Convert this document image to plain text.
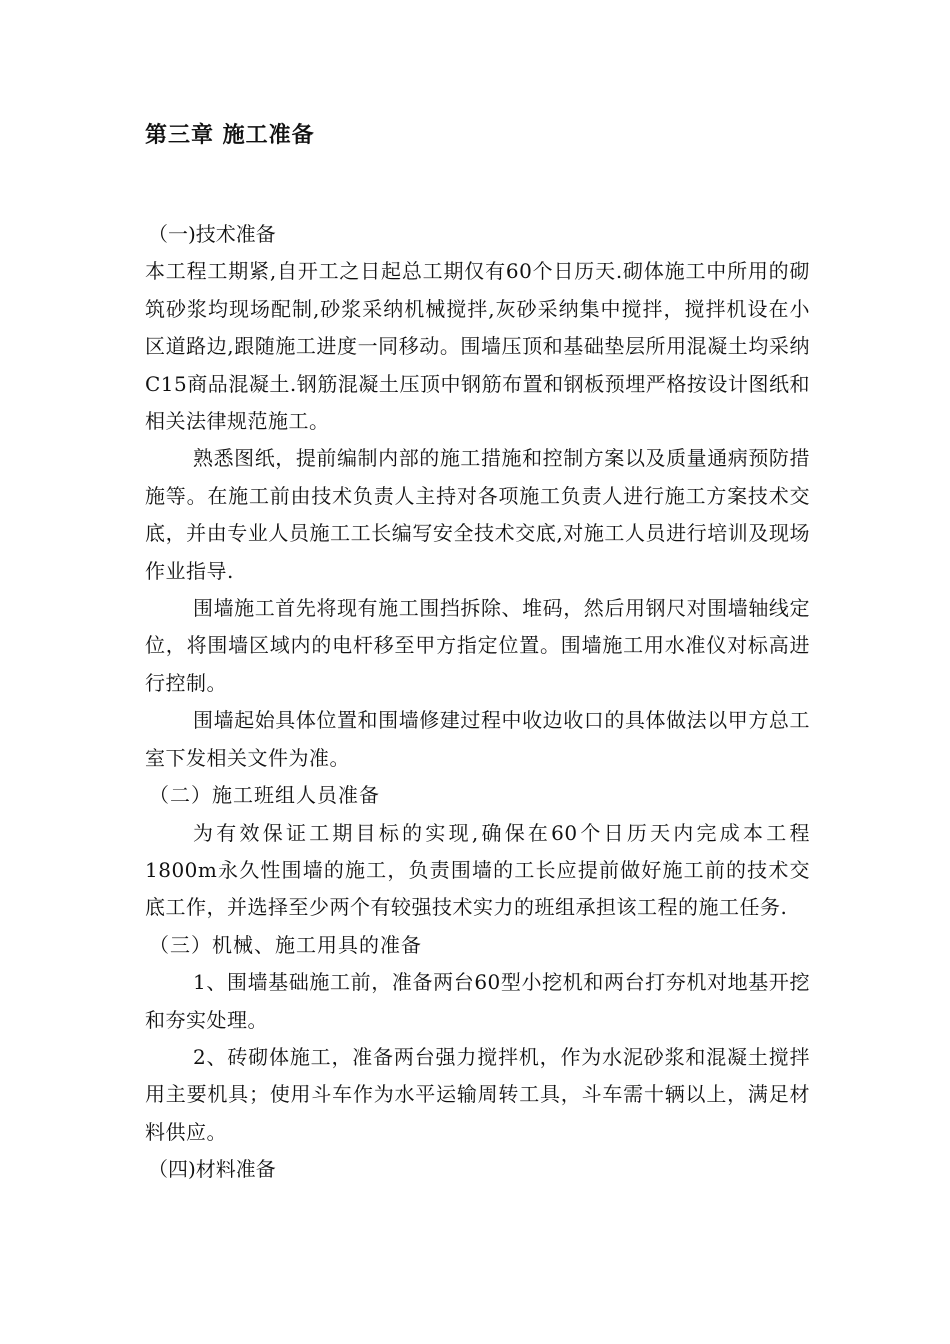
第三章 施工准备
（一)技术准备

本工程工期紧,自开工之日起总工期仅有60个日历天.砌体施工中所用的砌筑砂浆均现场配制,砂浆采纳机械搅拌,灰砂采纳集中搅拌，搅拌机设在小区道路边,跟随施工进度一同移动。围墙压顶和基础垫层所用混凝土均采纳C15商品混凝土.钢筋混凝土压顶中钢筋布置和钢板预埋严格按设计图纸和相关法律规范施工。

熟悉图纸，提前编制内部的施工措施和控制方案以及质量通病预防措施等。在施工前由技术负责人主持对各项施工负责人进行施工方案技术交底，并由专业人员施工工长编写安全技术交底,对施工人员进行培训及现场作业指导.

围墙施工首先将现有施工围挡拆除、堆码，然后用钢尺对围墙轴线定位，将围墙区域内的电杆移至甲方指定位置。围墙施工用水准仪对标高进行控制。

围墙起始具体位置和围墙修建过程中收边收口的具体做法以甲方总工室下发相关文件为准。

（二）施工班组人员准备

为有效保证工期目标的实现,确保在60个日历天内完成本工程1800m永久性围墙的施工，负责围墙的工长应提前做好施工前的技术交底工作，并选择至少两个有较强技术实力的班组承担该工程的施工任务.

（三）机械、施工用具的准备

1、围墙基础施工前，准备两台60型小挖机和两台打夯机对地基开挖和夯实处理。

2、砖砌体施工，准备两台强力搅拌机，作为水泥砂浆和混凝土搅拌用主要机具；使用斗车作为水平运输周转工具，斗车需十辆以上，满足材料供应。

（四)材料准备
